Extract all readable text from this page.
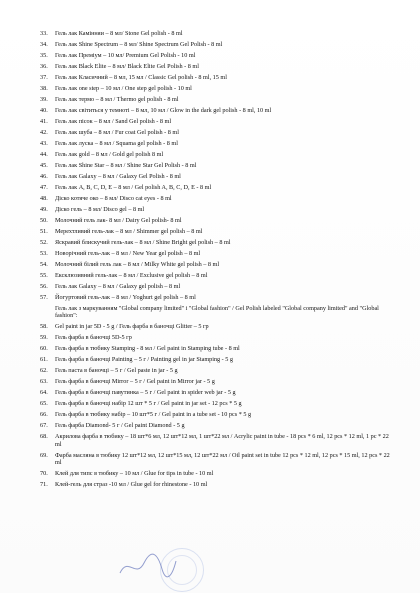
33.	Гель лак Камінняи – 8 мл/ Stone Gel polish - 8 ml
34.	Гель лак Shine Spectrum – 8 мл/ Shine Spectrum Gel Polish - 8 ml
35.	Гель лак Преміум – 10 мл/ Premium Gel Polish - 10 ml
36.	Гель лак Black Elite – 8 мл/ Black Elite Gel Polish - 8 ml
37.	Гель лак Класичний – 8 мл, 15 мл / Classic Gel polish - 8 ml, 15 ml
38.	Гель лак one step – 10 мл / One step gel polish - 10 ml
39.	Гель лак термо – 8 мл / Thermo gel polish - 8 ml
40.	Гель лак світиться у темноті – 8 мл, 10 мл / Glow in the dark gel polish - 8 ml, 10 ml
41.	Гель лак пісок – 8 мл / Sand Gel polish - 8 ml
42.	Гель лак шуба – 8 мл / Fur coat Gel polish - 8 ml
43.	Гель лак луска – 8 мл / Squama gel polish - 8 ml
44.	Гель лак gold – 8 мл / Gold gel polish 8 ml
45.	Гель лак Shine Star – 8 мл / Shine Star Gel Polish - 8 ml
46.	Гель лак Galaxy – 8 мл / Galaxy Gel Polish - 8 ml
47.	Гель лак A, B, C, D, E – 8 мл / Gel polish A, B, C, D, E - 8 ml
48.	Діско котяче око – 8 мл/ Disco cat eyes - 8 ml
49.	Діско гель – 8 мл/ Disco gel – 8 ml
50.	Молочний гель лак- 8 мл / Dairy Gel polish- 8 ml
51.	Мерехтливий гель-лак – 8 мл / Shimmer gel polish – 8 ml
52.	Яскравий блискучий гель-лак – 8 мл / Shine Bright gel polish – 8 ml
53.	Новорічний гель-лак – 8 мл / New Year gel polish – 8 ml
54.	Молочний білий гель лак – 8 мл / Milky White gel polish – 8 ml
55.	Ексклюзивний гель-лак – 8 мл / Exclusive gel polish – 8 ml
56.	Гель лак Galaxy – 8 мл / Galaxy gel polish – 8 ml
57.	Йогуртовий гель-лак – 8 мл / Yoghurt gel polish – 8 ml
Гель лак з маркуванням "Global company limited" і "Global fashion" / Gel Polish labeled "Global company limited" and "Global fashion":
58.	Gel paint in jar 5D - 5 g / Гель фарба в баночці Glitter – 5 гр
59.	Гель фарба в баночці 5D-5 гр
60.	Гель фарба в тюбику Stamping - 8 мл / Gel paint in Stamping tube - 8 ml
61.	Гель фарба в баночці Painting – 5 г / Painting gel in jar Stamping - 5 g
62.	Гель паста в баночці – 5 г / Gel paste in jar - 5 g
63.	Гель фарба в баночці Mirror – 5 г / Gel paint in Mirror jar - 5 g
64.	Гель фарба в баночці павутинка – 5 г / Gel paint in spider web jar - 5 g
65.	Гель фарба в баночці набір 12 шт * 5 г / Gel paint in jar set - 12 pcs * 5 g
66.	Гель фарба в тюбику набір – 10 шт*5 г / Gel paint in a tube set - 10 pcs * 5 g
67.	Гель фарба Diamond- 5 г / Gel paint Diamond - 5 g
68.	Акрилова фарба в тюбику – 18 шт*6 мл, 12 шт*12 мл, 1 шт*22 мл / Acrylic paint in tube - 18 pcs * 6 ml, 12 pcs * 12 ml, 1 pc * 22 ml
69.	Фарба масляна в тюбику 12 шт*12 мл, 12 шт*15 мл, 12 шт*22 мл / Oil paint set in tube 12 pcs * 12 ml, 12 pcs * 15 ml, 12 pcs * 22 ml
70.	Клей для типс в тюбику – 10 мл / Glue for tips in tube - 10 ml
71.	Клей-гель для страз -10 мл / Glue gel for rhinestone - 10 ml
